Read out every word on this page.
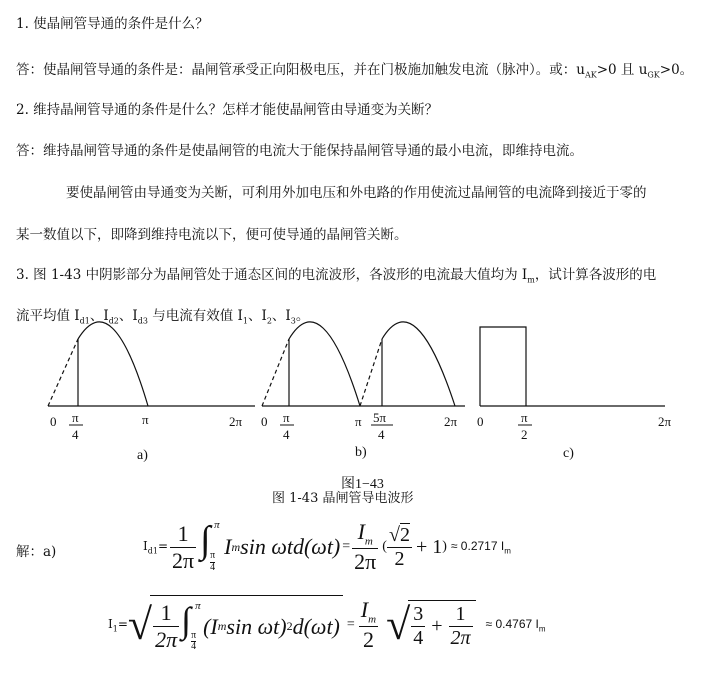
1. 使晶闸管导通的条件是什么？
答：使晶闸管导通的条件是：晶闸管承受正向阳极电压，并在门极施加触发电流（脉冲）。或：$u_{AK}>0$ 且 $u_{GK}>0$。
2. 维持晶闸管导通的条件是什么？怎样才能使晶闸管由导通变为关断？
答：维持晶闸管导通的条件是使晶闸管的电流大于能保持晶闸管导通的最小电流，即维持电流。
要使晶闸管由导通变为关断，可利用外加电压和外电路的作用使流过晶闸管的电流降到接近于零的
某一数值以下，即降到维持电流以下，便可使导通的晶闸管关断。
3. 图 1-43 中阴影部分为晶闸管处于通态区间的电流波形，各波形的电流最大值均为 $I_m$，试计算各波形的电
流平均值 $I_{d1}$、$I_{d2}$、$I_{d3}$ 与电流有效值 $I_1$、$I_2$、$I_3$。
0 π
4
π	2π 0 π
4
π 5π
4
2π 0	π
2
2π
a)	b)	c)
图1−43
图 1-43 晶闸管导电波形
解：a)	$I_{d1}= \frac{1}{2\pi}$ ∫ π
π
4
I m $\sin \omega td(\omega t) = \frac{I_m}{2\pi}$ ( $\frac{√2}{2} + 1$ ) ≈ 0.2717 $I_m$
$I_1=$ √ $\frac{1}{2\pi}$ ∫ π
π
4
(I m sin ωt) 2 $d(\omega t) = \frac{I_m}{2}$ √ $\frac{3}{4} + \frac{1}{2\pi} \approx 0.4767$ $I_m$
